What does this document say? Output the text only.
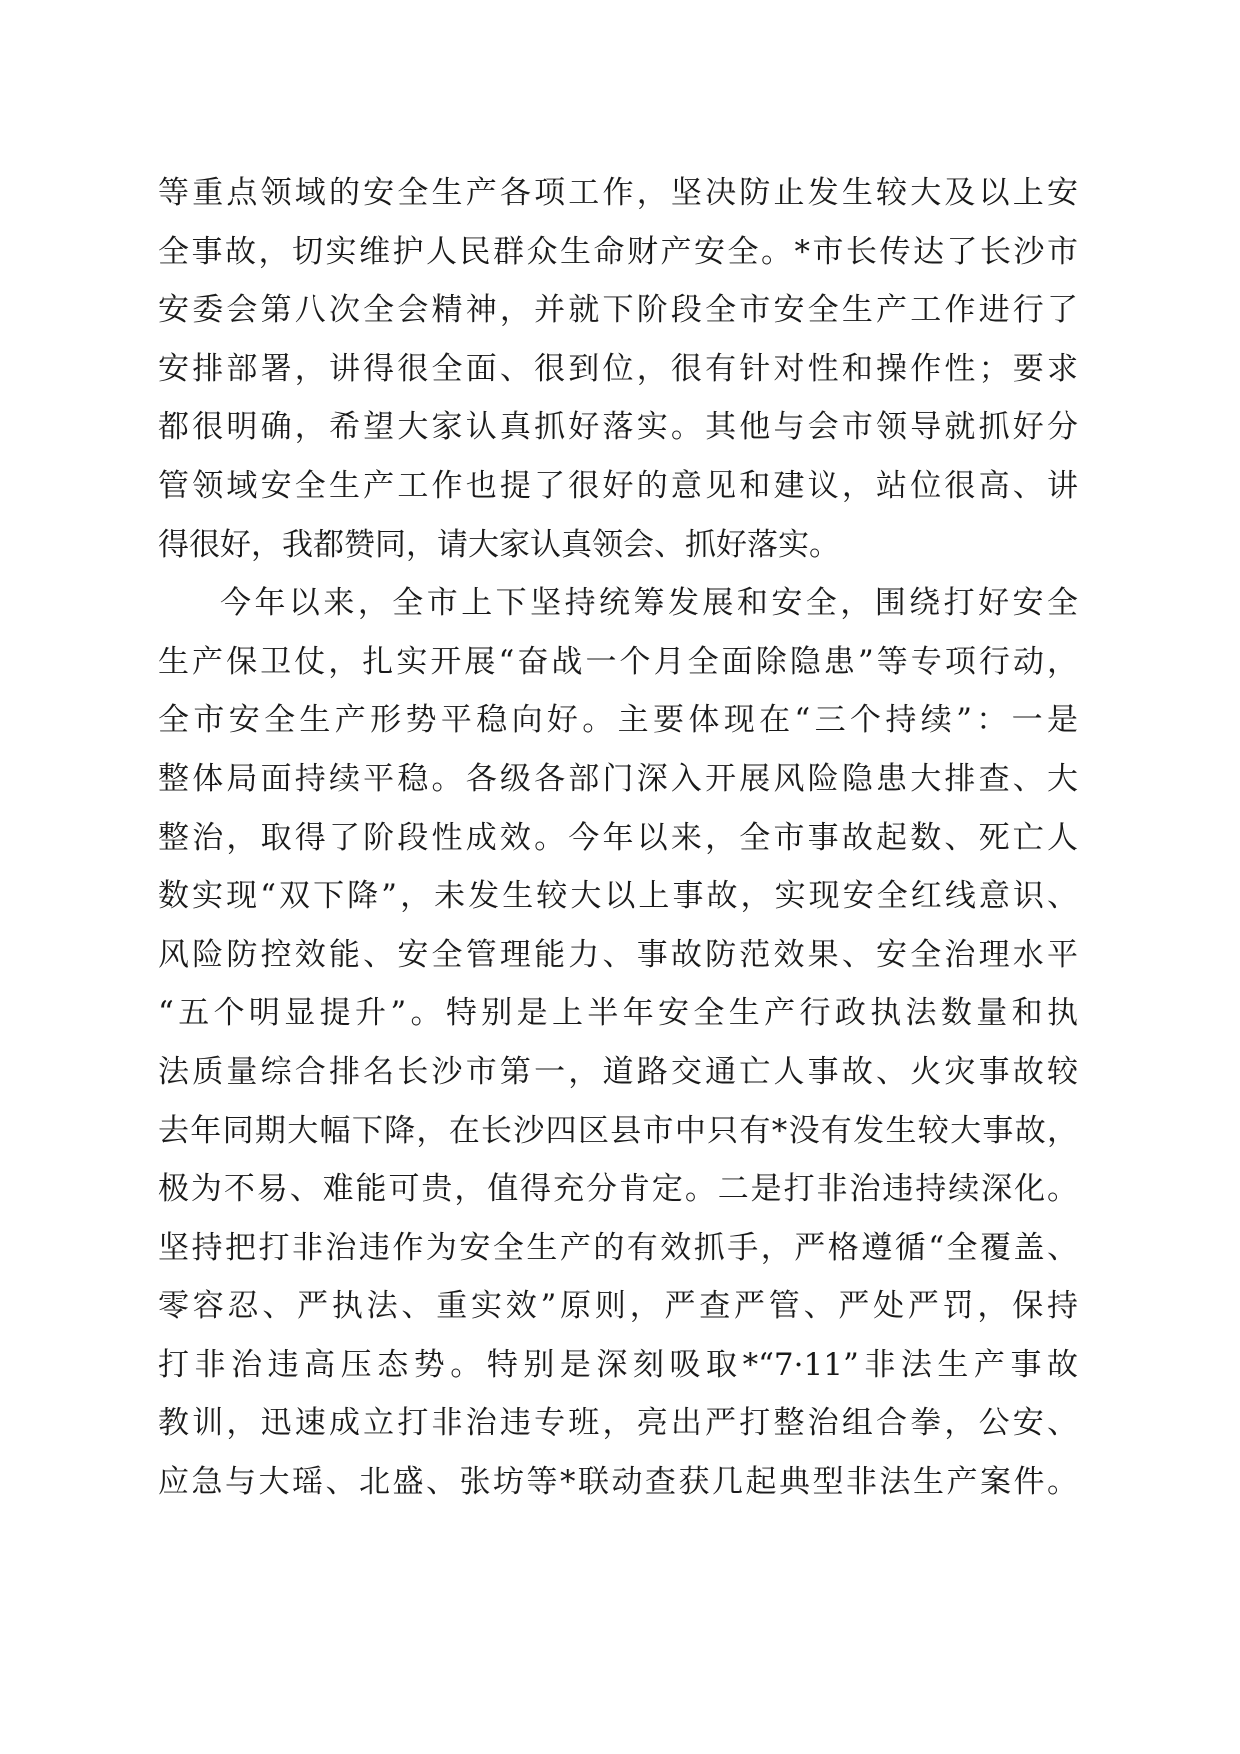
等重点领域的安全生产各项工作，坚决防止发生较大及以上安
全事故，切实维护人民群众生命财产安全。*市长传达了长沙市
安委会第八次全会精神，并就下阶段全市安全生产工作进行了
安排部署，讲得很全面、很到位，很有针对性和操作性；要求
都很明确，希望大家认真抓好落实。其他与会市领导就抓好分
管领域安全生产工作也提了很好的意见和建议，站位很高、讲
得很好，我都赞同，请大家认真领会、抓好落实。
今年以来，全市上下坚持统筹发展和安全，围绕打好安全
生产保卫仗，扎实开展“奋战一个月全面除隐患”等专项行动，
全市安全生产形势平稳向好。主要体现在“三个持续”：一是
整体局面持续平稳。各级各部门深入开展风险隐患大排查、大
整治，取得了阶段性成效。今年以来，全市事故起数、死亡人
数实现“双下降”，未发生较大以上事故，实现安全红线意识、
风险防控效能、安全管理能力、事故防范效果、安全治理水平
“五个明显提升”。特别是上半年安全生产行政执法数量和执
法质量综合排名长沙市第一，道路交通亡人事故、火灾事故较
去年同期大幅下降，在长沙四区县市中只有*没有发生较大事故，
极为不易、难能可贵，值得充分肯定。二是打非治违持续深化。
坚持把打非治违作为安全生产的有效抓手，严格遵循“全覆盖、
零容忍、严执法、重实效”原则，严查严管、严处严罚，保持
打非治违高压态势。特别是深刻吸取*“7·11”非法生产事故
教训，迅速成立打非治违专班，亮出严打整治组合拳，公安、
应急与大瑶、北盛、张坊等*联动查获几起典型非法生产案件。
